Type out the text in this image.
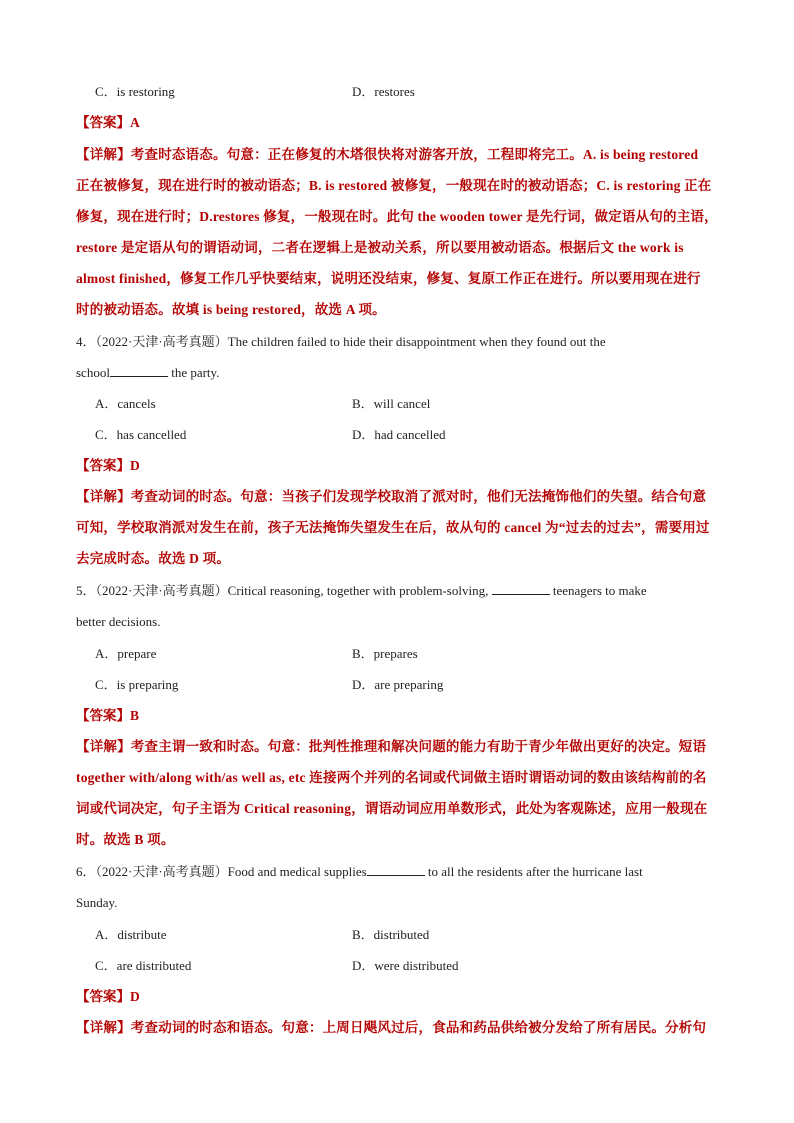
C．is restoring	D．restores
【答案】A
【详解】考查时态语态。句意：正在修复的木塔很快将对游客开放，工程即将完工。A. is being restored
正在被修复，现在进行时的被动语态；B. is restored 被修复，一般现在时的被动语态；C. is restoring 正在
修复，现在进行时；D.restores 修复，一般现在时。此句 the wooden tower 是先行词，做定语从句的主语，
restore 是定语从句的谓语动词，二者在逻辑上是被动关系，所以要用被动语态。根据后文 the work is
almost finished，修复工作几乎快要结束，说明还没结束，修复、复原工作正在进行。所以要用现在进行
时的被动语态。故填 is being restored，故选 A 项。
4．（2022·天津·高考真题）The children failed to hide their disappointment when they found out the
school	the party.
A．cancels	B．will cancel
C．has cancelled	D．had cancelled
【答案】D
【详解】考查动词的时态。句意：当孩子们发现学校取消了派对时，他们无法掩饰他们的失望。结合句意
可知，学校取消派对发生在前，孩子无法掩饰失望发生在后，故从句的 cancel 为“过去的过去”，需要用过
去完成时态。故选 D 项。
5．（2022·天津·高考真题）Critical reasoning, together with problem-solving,	teenagers to make
better decisions.
A．prepare	B．prepares
C．is preparing	D．are preparing
【答案】B
【详解】考查主谓一致和时态。句意：批判性推理和解决问题的能力有助于青少年做出更好的决定。短语
together with/along with/as well as, etc 连接两个并列的名词或代词做主语时谓语动词的数由该结构前的名
词或代词决定，句子主语为 Critical reasoning，谓语动词应用单数形式，此处为客观陈述，应用一般现在
时。故选 B 项。
6．（2022·天津·高考真题）Food and medical supplies	to all the residents after the hurricane last
Sunday.
A．distribute	B．distributed
C．are distributed	D．were distributed
【答案】D
【详解】考查动词的时态和语态。句意：上周日飓风过后，食品和药品供给被分发给了所有居民。分析句
